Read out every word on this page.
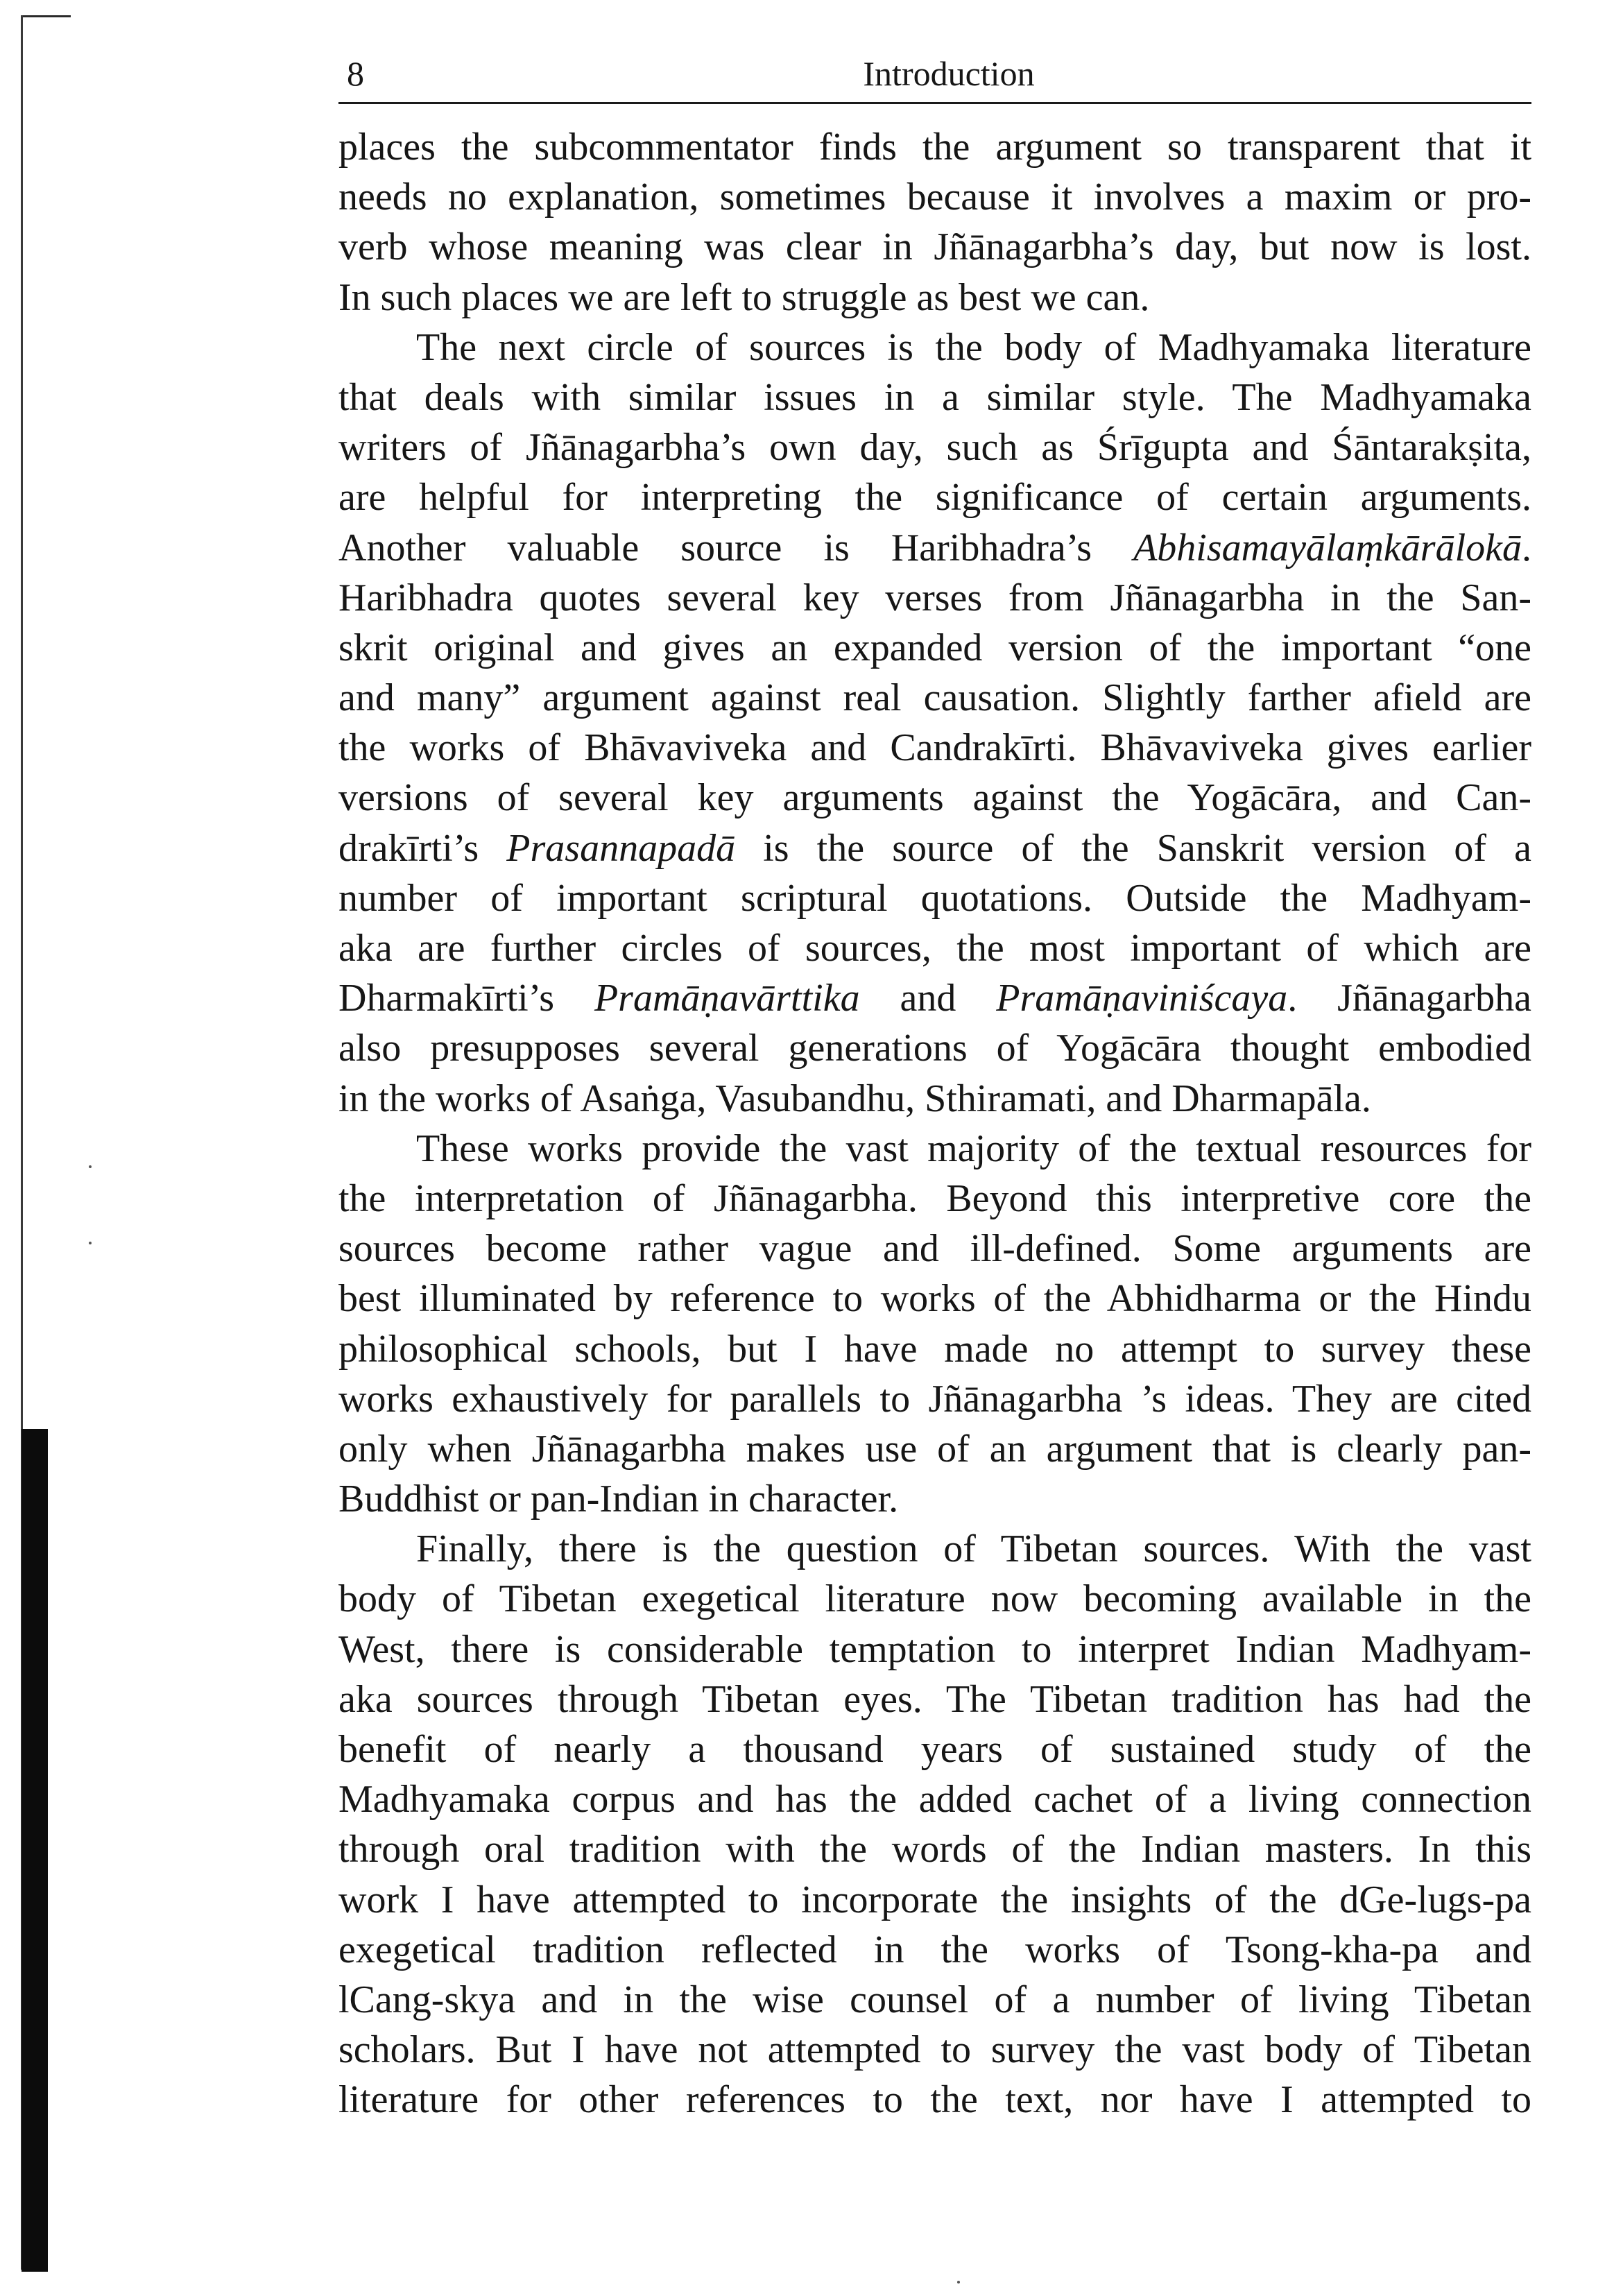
8	Introduction
places the subcommentator finds the argument so transparent that it
needs no explanation, sometimes because it involves a maxim or pro-
verb whose meaning was clear in Jñānagarbha’s day, but now is lost.
In such places we are left to struggle as best we can.
The next circle of sources is the body of Madhyamaka literature
that deals with similar issues in a similar style. The Madhyamaka
writers of Jñānagarbha’s own day, such as Śrīgupta and Śāntarakṣita,
are helpful for interpreting the significance of certain arguments.
Another valuable source is Haribhadra’s Abhisamayālaṃkārālokā.
Haribhadra quotes several key verses from Jñānagarbha in the San-
skrit original and gives an expanded version of the important “one
and many” argument against real causation. Slightly farther afield are
the works of Bhāvaviveka and Candrakīrti. Bhāvaviveka gives earlier
versions of several key arguments against the Yogācāra, and Can-
drakīrti’s Prasannapadā is the source of the Sanskrit version of a
number of important scriptural quotations. Outside the Madhyam-
aka are further circles of sources, the most important of which are
Dharmakīrti’s Pramāṇavārttika and Pramāṇaviniścaya. Jñānagarbha
also presupposes several generations of Yogācāra thought embodied
in the works of Asaṅga, Vasubandhu, Sthiramati, and Dharmapāla.
These works provide the vast majority of the textual resources for
the interpretation of Jñānagarbha. Beyond this interpretive core the
sources become rather vague and ill-defined. Some arguments are
best illuminated by reference to works of the Abhidharma or the Hindu
philosophical schools, but I have made no attempt to survey these
works exhaustively for parallels to Jñānagarbha ’s ideas. They are cited
only when Jñānagarbha makes use of an argument that is clearly pan-
Buddhist or pan-Indian in character.
Finally, there is the question of Tibetan sources. With the vast
body of Tibetan exegetical literature now becoming available in the
West, there is considerable temptation to interpret Indian Madhyam-
aka sources through Tibetan eyes. The Tibetan tradition has had the
benefit of nearly a thousand years of sustained study of the
Madhyamaka corpus and has the added cachet of a living connection
through oral tradition with the words of the Indian masters. In this
work I have attempted to incorporate the insights of the dGe-lugs-pa
exegetical tradition reflected in the works of Tsong-kha-pa and
lCang-skya and in the wise counsel of a number of living Tibetan
scholars. But I have not attempted to survey the vast body of Tibetan
literature for other references to the text, nor have I attempted to
